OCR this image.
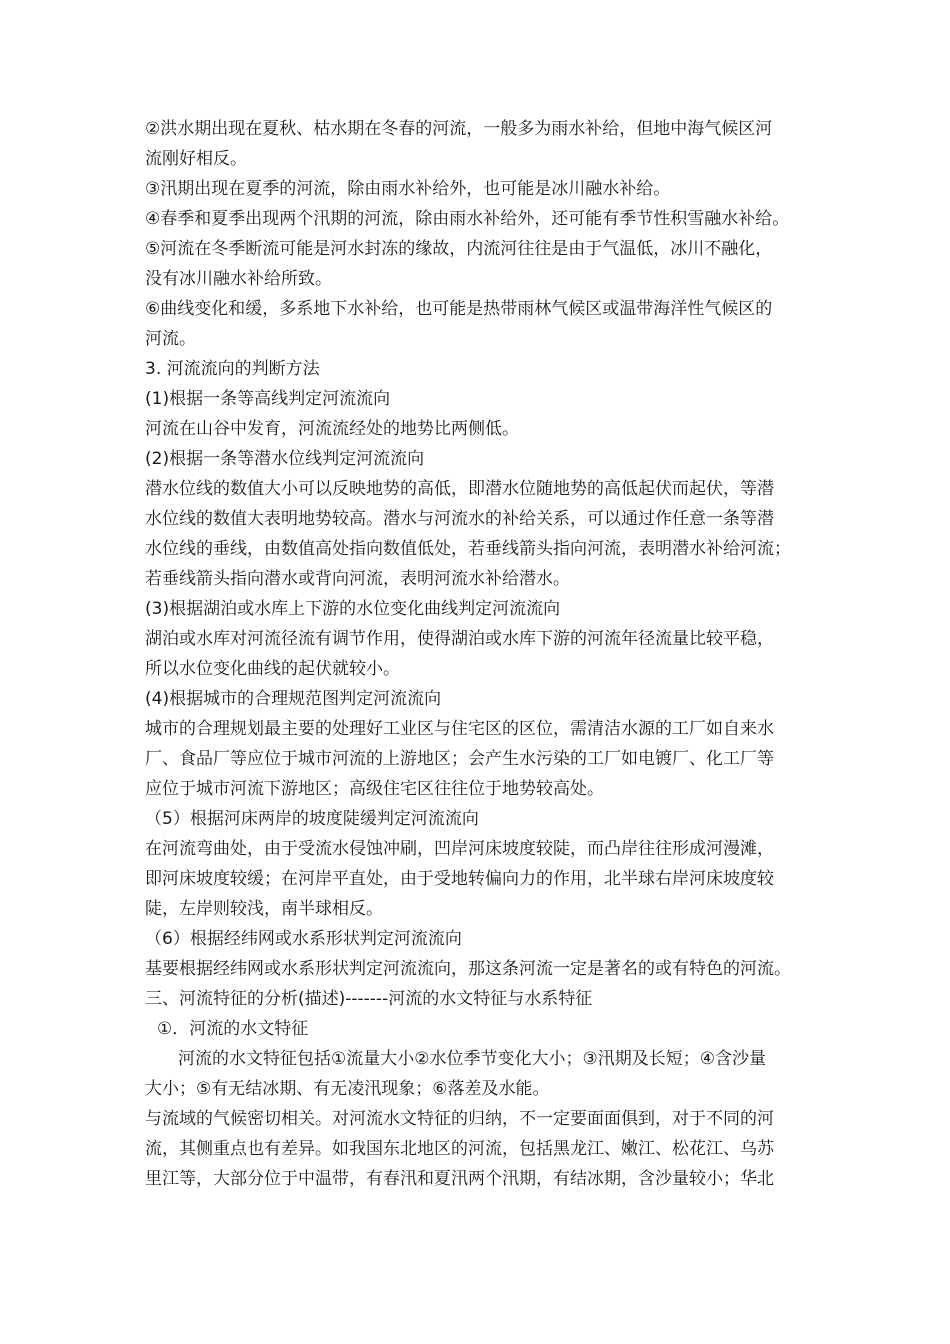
②洪水期出现在夏秋、枯水期在冬春的河流，一般多为雨水补给，但地中海气候区河
流刚好相反。
③汛期出现在夏季的河流，除由雨水补给外，也可能是冰川融水补给。
④春季和夏季出现两个汛期的河流，除由雨水补给外，还可能有季节性积雪融水补给。
⑤河流在冬季断流可能是河水封冻的缘故，内流河往往是由于气温低，冰川不融化，
没有冰川融水补给所致。
⑥曲线变化和缓，多系地下水补给，也可能是热带雨林气候区或温带海洋性气候区的
河流。
3. 河流流向的判断方法
(1)根据一条等高线判定河流流向
河流在山谷中发育，河流流经处的地势比两侧低。
(2)根据一条等潜水位线判定河流流向
潜水位线的数值大小可以反映地势的高低，即潜水位随地势的高低起伏而起伏，等潜
水位线的数值大表明地势较高。潜水与河流水的补给关系，可以通过作任意一条等潜
水位线的垂线，由数值高处指向数值低处，若垂线箭头指向河流，表明潜水补给河流；
若垂线箭头指向潜水或背向河流，表明河流水补给潜水。
(3)根据湖泊或水库上下游的水位变化曲线判定河流流向
湖泊或水库对河流径流有调节作用，使得湖泊或水库下游的河流年径流量比较平稳，
所以水位变化曲线的起伏就较小。
(4)根据城市的合理规范图判定河流流向
城市的合理规划最主要的处理好工业区与住宅区的区位，需清洁水源的工厂如自来水
厂、食品厂等应位于城市河流的上游地区；会产生水污染的工厂如电镀厂、化工厂等
应位于城市河流下游地区；高级住宅区往往位于地势较高处。
（5）根据河床两岸的坡度陡缓判定河流流向
在河流弯曲处，由于受流水侵蚀冲刷，凹岸河床坡度较陡，而凸岸往往形成河漫滩，
即河床坡度较缓；在河岸平直处，由于受地转偏向力的作用，北半球右岸河床坡度较
陡，左岸则较浅，南半球相反。
（6）根据经纬网或水系形状判定河流流向
基要根据经纬网或水系形状判定河流流向，那这条河流一定是著名的或有特色的河流。
三、河流特征的分析(描述)-------河流的水文特征与水系特征
①．河流的水文特征
河流的水文特征包括①流量大小②水位季节变化大小；③汛期及长短；④含沙量
大小；⑤有无结冰期、有无凌汛现象；⑥落差及水能。
与流域的气候密切相关。对河流水文特征的归纳，不一定要面面俱到，对于不同的河
流，其侧重点也有差异。如我国东北地区的河流，包括黑龙江、嫩江、松花江、乌苏
里江等，大部分位于中温带，有春汛和夏汛两个汛期，有结冰期，含沙量较小；华北
